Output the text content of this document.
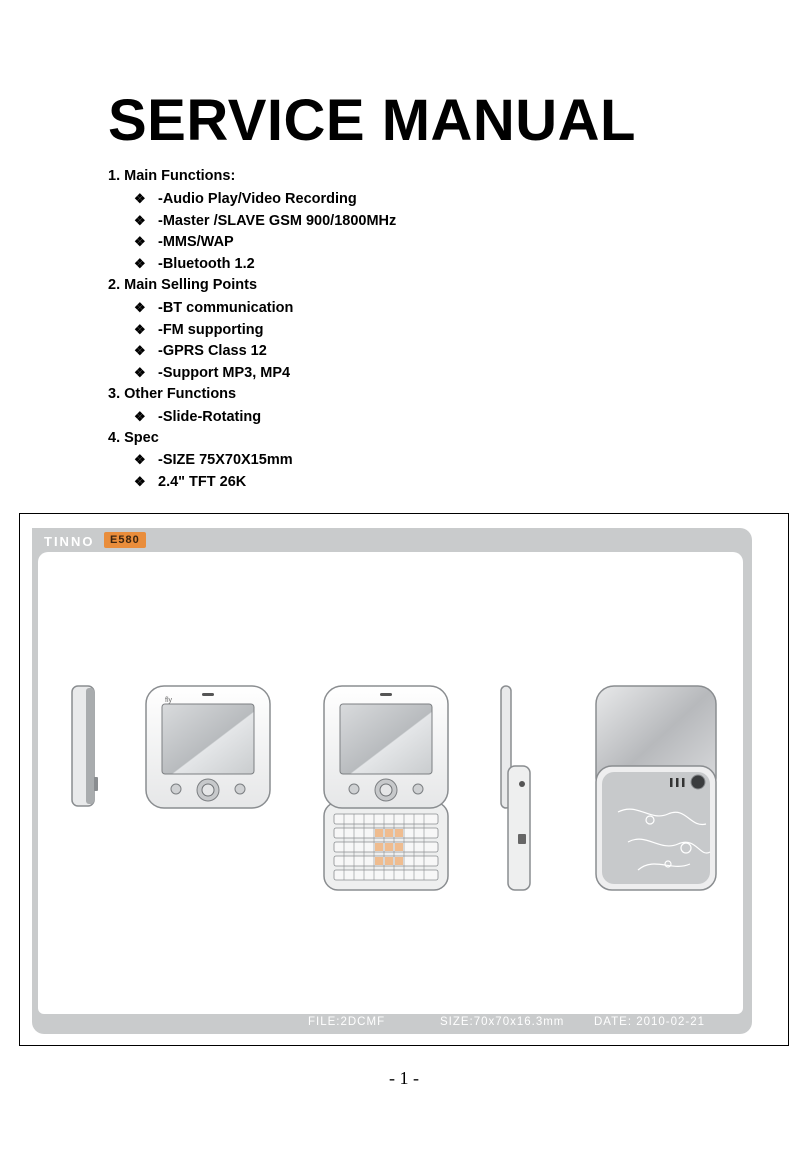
SERVICE MANUAL
1. Main Functions:
❖ -Audio Play/Video Recording
❖ -Master /SLAVE GSM 900/1800MHz
❖ -MMS/WAP
❖ -Bluetooth 1.2
2. Main Selling Points
❖ -BT communication
❖ -FM supporting
❖ -GPRS Class 12
❖ -Support MP3, MP4
3. Other Functions
❖ -Slide-Rotating
4. Spec
❖ -SIZE 75X70X15mm
❖ 2.4" TFT 26K
TINNO	E580
fly
FILE:2DCMF	SIZE:70x70x16.3mm	DATE: 2010-02-21
- 1 -
